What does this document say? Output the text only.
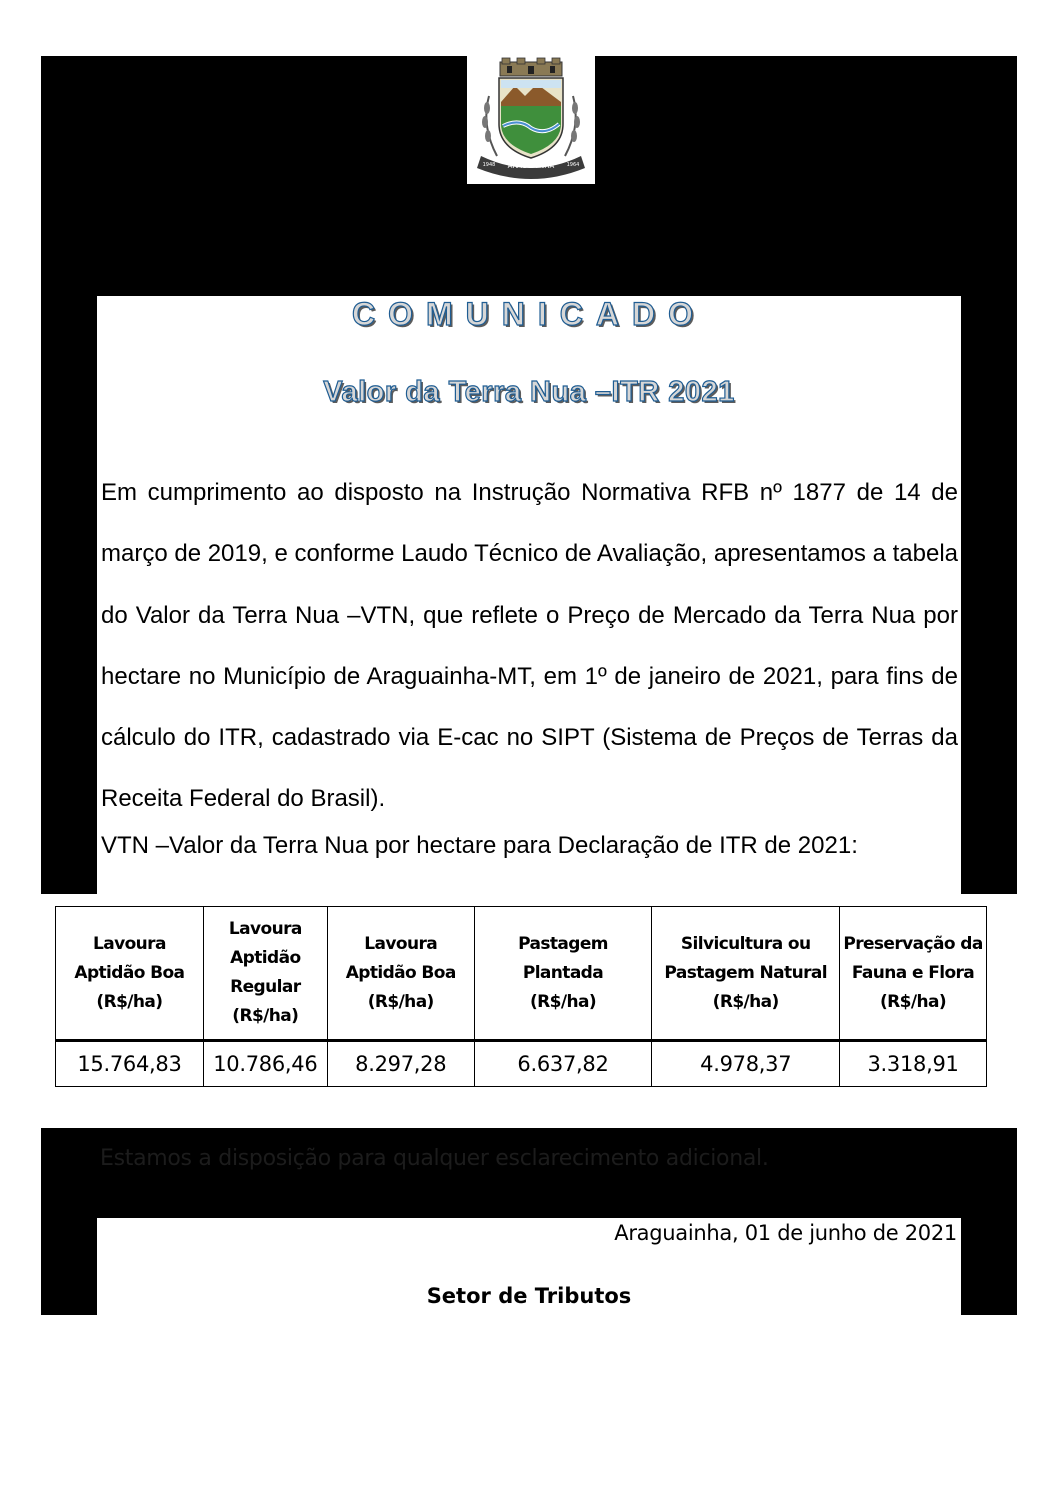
ARAGUAINHA
1948	1964
COMUNICADO
Valor da Terra Nua –ITR 2021
Em cumprimento ao disposto na Instrução Normativa RFB nº 1877 de 14 de março de 2019, e conforme Laudo Técnico de Avaliação, apresentamos a tabela do Valor da Terra Nua –VTN, que reflete o Preço de Mercado da Terra Nua por hectare no Município de Araguainha-MT, em 1º de janeiro de 2021, para fins de cálculo do ITR, cadastrado via E-cac no SIPT (Sistema de Preços de Terras da Receita Federal do Brasil).
VTN –Valor da Terra Nua por hectare para Declaração de ITR de 2021:
Lavoura
Aptidão Boa
(R$/ha)	Lavoura
Aptidão Regular
(R$/ha)	Lavoura
Aptidão Boa
(R$/ha)	Pastagem Plantada
(R$/ha)	Silvicultura ou
Pastagem Natural
(R$/ha)	Preservação da
Fauna e Flora
(R$/ha)

15.764,83	10.786,46	8.297,28	6.637,82	4.978,37	3.318,91
Estamos a disposição para qualquer esclarecimento adicional.
Araguainha, 01 de junho de 2021
Setor de Tributos
